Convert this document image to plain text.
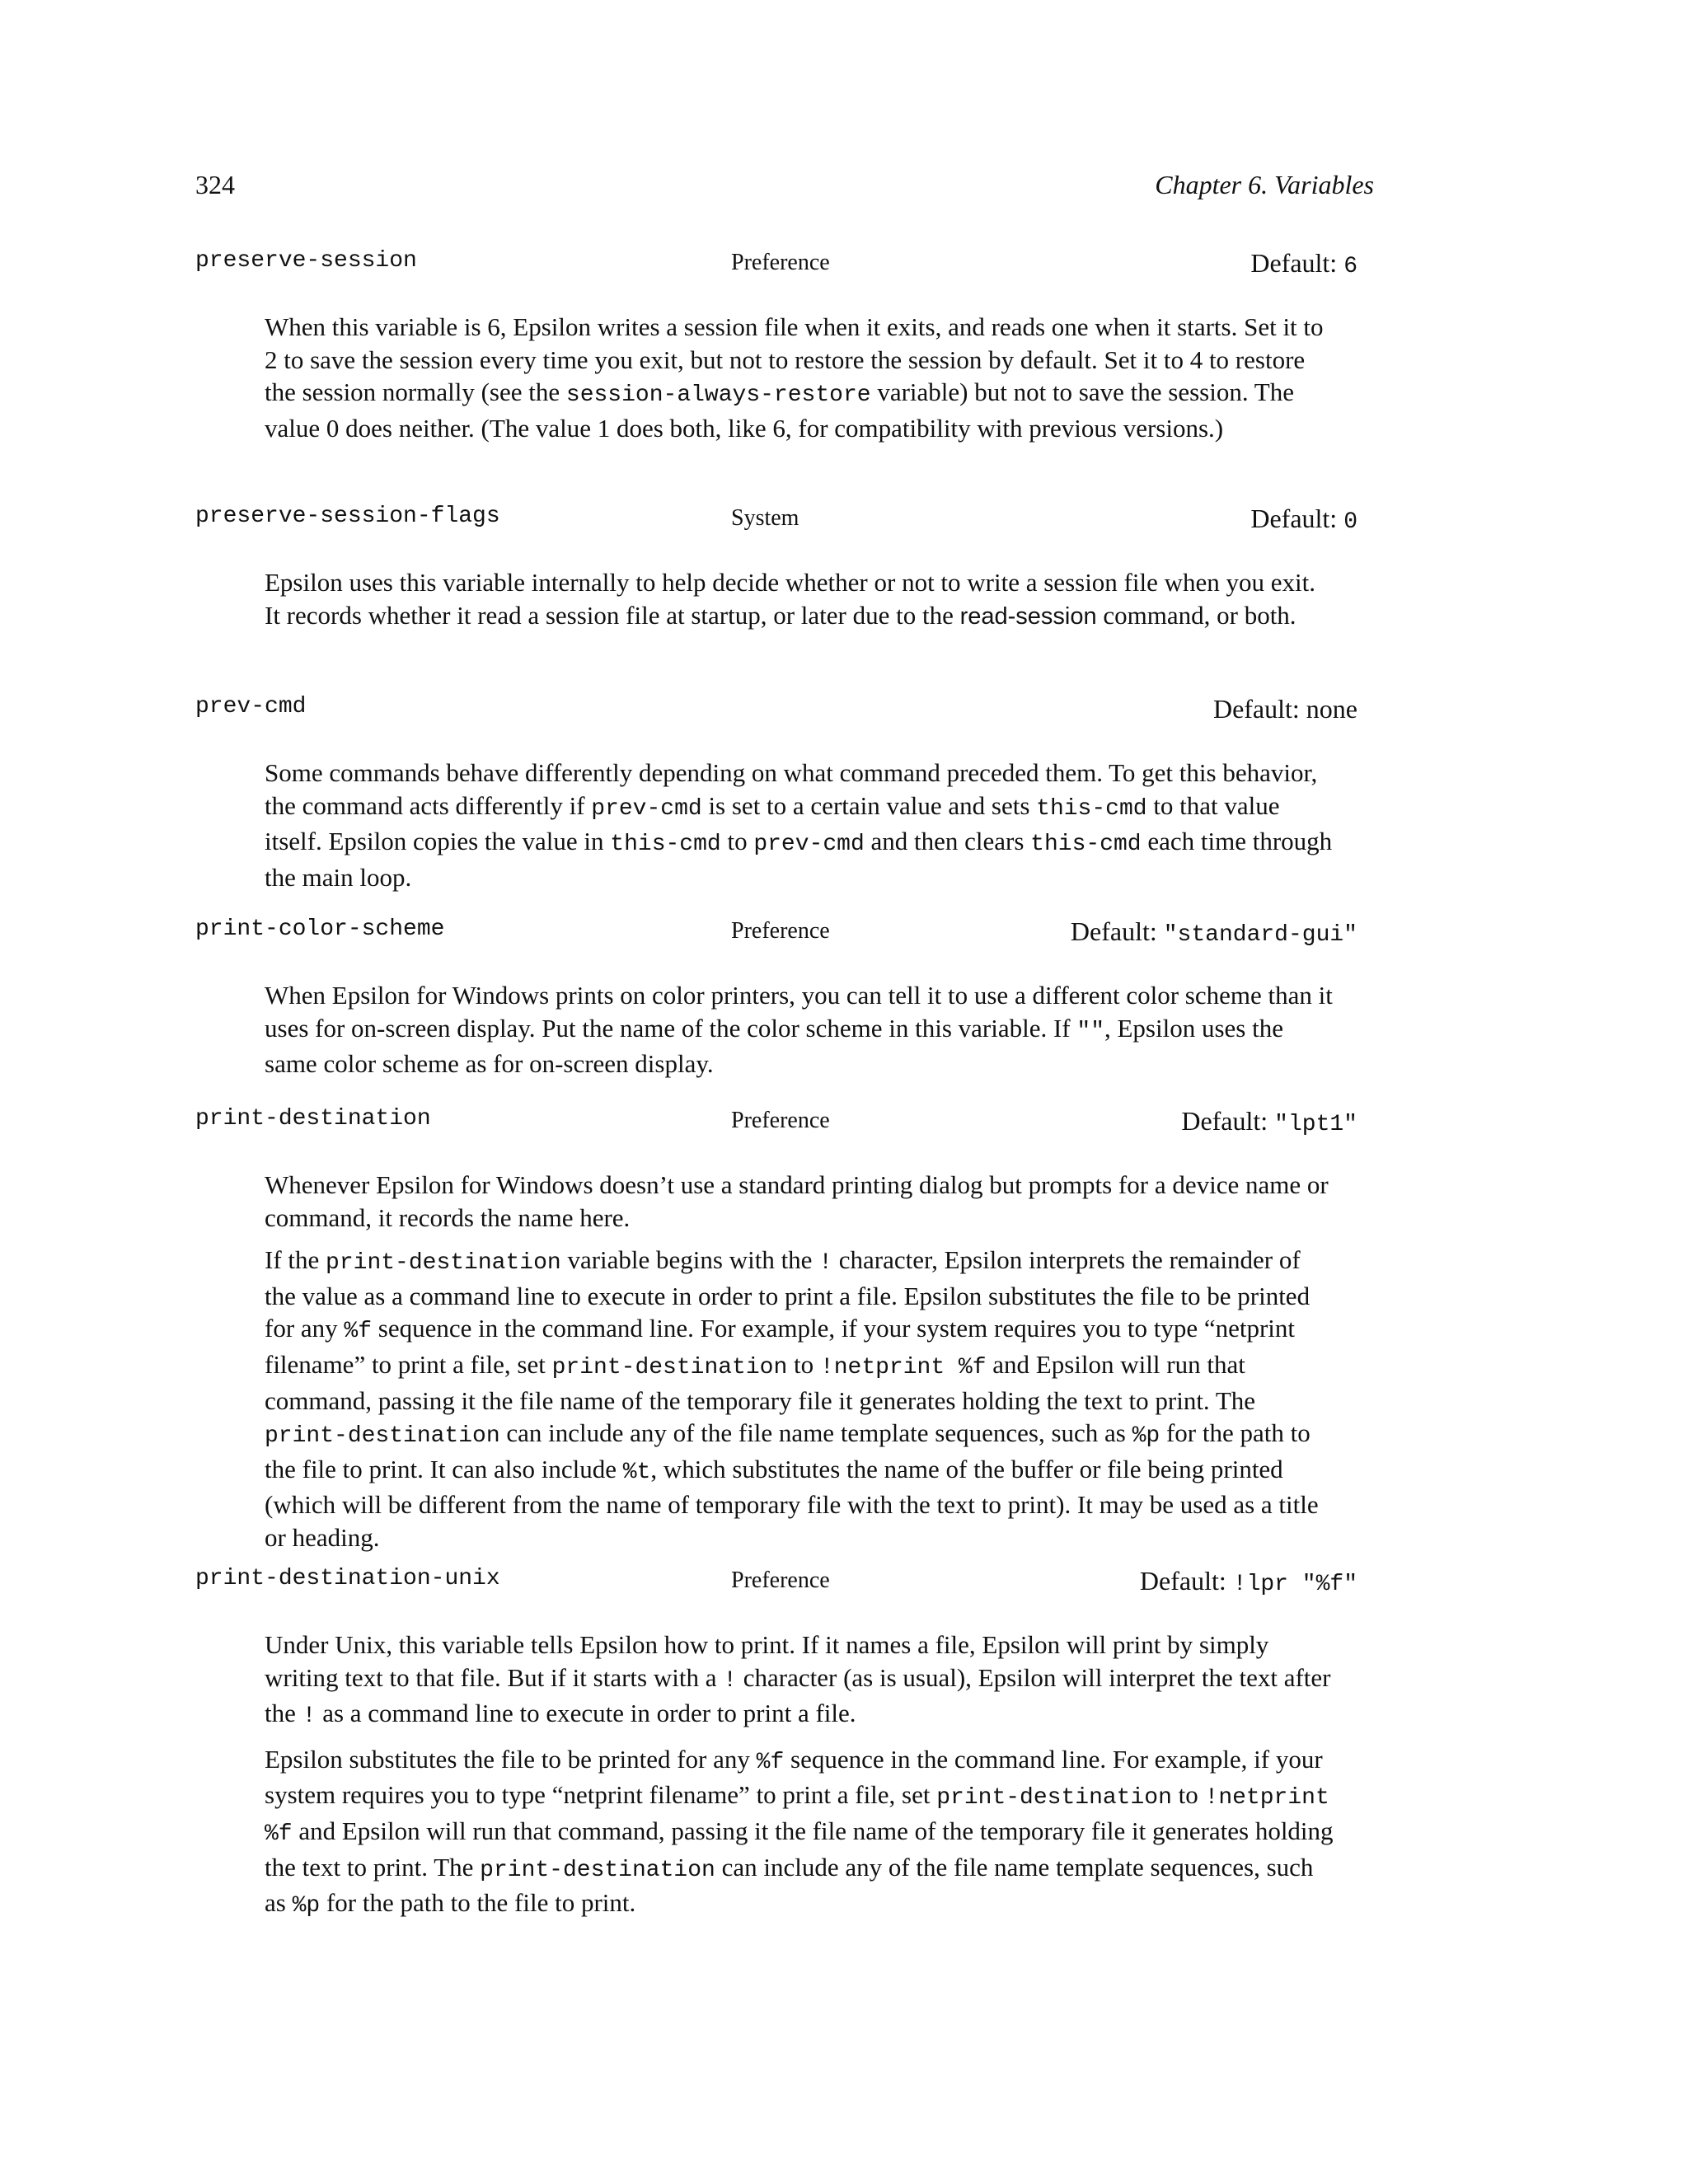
324	Chapter 6. Variables
preserve-session	Preference	Default: 6

When this variable is 6, Epsilon writes a session file when it exits, and reads one when it starts. Set it to 2 to save the session every time you exit, but not to restore the session by default. Set it to 4 to restore the session normally (see the session-always-restore variable) but not to save the session. The value 0 does neither. (The value 1 does both, like 6, for compatibility with previous versions.)

preserve-session-flags	System	Default: 0

Epsilon uses this variable internally to help decide whether or not to write a session file when you exit. It records whether it read a session file at startup, or later due to the read-session command, or both.

prev-cmd	Default: none

Some commands behave differently depending on what command preceded them. To get this behavior, the command acts differently if prev-cmd is set to a certain value and sets this-cmd to that value itself. Epsilon copies the value in this-cmd to prev-cmd and then clears this-cmd each time through the main loop.

print-color-scheme	Preference	Default: "standard-gui"

When Epsilon for Windows prints on color printers, you can tell it to use a different color scheme than it uses for on-screen display. Put the name of the color scheme in this variable. If "", Epsilon uses the same color scheme as for on-screen display.

print-destination	Preference	Default: "lpt1"

Whenever Epsilon for Windows doesn’t use a standard printing dialog but prompts for a device name or command, it records the name here.

If the print-destination variable begins with the ! character, Epsilon interprets the remainder of the value as a command line to execute in order to print a file. Epsilon substitutes the file to be printed for any %f sequence in the command line. For example, if your system requires you to type “netprint filename” to print a file, set print-destination to !netprint %f and Epsilon will run that command, passing it the file name of the temporary file it generates holding the text to print. The print-destination can include any of the file name template sequences, such as %p for the path to the file to print. It can also include %t, which substitutes the name of the buffer or file being printed (which will be different from the name of temporary file with the text to print). It may be used as a title or heading.

print-destination-unix	Preference	Default: !lpr "%f"

Under Unix, this variable tells Epsilon how to print. If it names a file, Epsilon will print by simply writing text to that file. But if it starts with a ! character (as is usual), Epsilon will interpret the text after the ! as a command line to execute in order to print a file.

Epsilon substitutes the file to be printed for any %f sequence in the command line. For example, if your system requires you to type “netprint filename” to print a file, set print-destination to !netprint %f and Epsilon will run that command, passing it the file name of the temporary file it generates holding the text to print. The print-destination can include any of the file name template sequences, such as %p for the path to the file to print.
